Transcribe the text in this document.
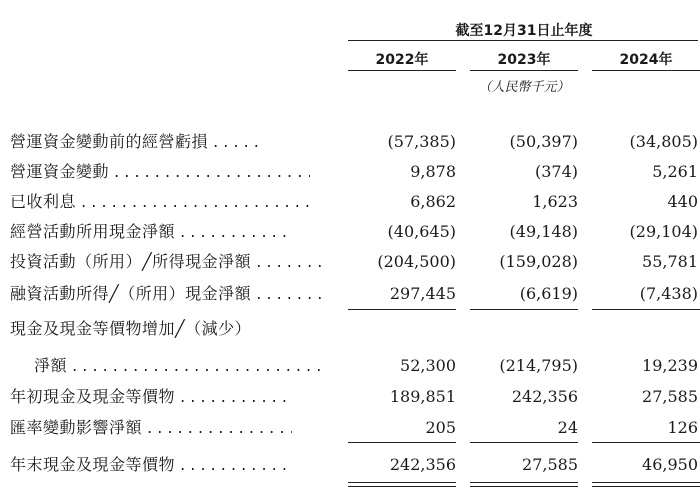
截至12月31日止年度
2022年	2023年	2024年
（人民幣千元）
營運資金變動前的經營虧損 . . .	(57,385)	(50,397)	(34,805)
營運資金變動 . . .	9,878	(374)	5,261
已收利息 . . .	6,862	1,623	440
經營活動所用現金淨額 . . .	(40,645)	(49,148)	(29,104)
投資活動（所用）╱所得現金淨額 . . .	(204,500)	(159,028)	55,781
融資活動所得╱（所用）現金淨額 . . .	297,445	(6,619)	(7,438)
現金及現金等價物增加╱（減少）
淨額 . . .	52,300	(214,795)	19,239
年初現金及現金等價物 . . .	189,851	242,356	27,585
匯率變動影響淨額 . . .	205	24	126
年末現金及現金等價物 . . .	242,356	27,585	46,950
